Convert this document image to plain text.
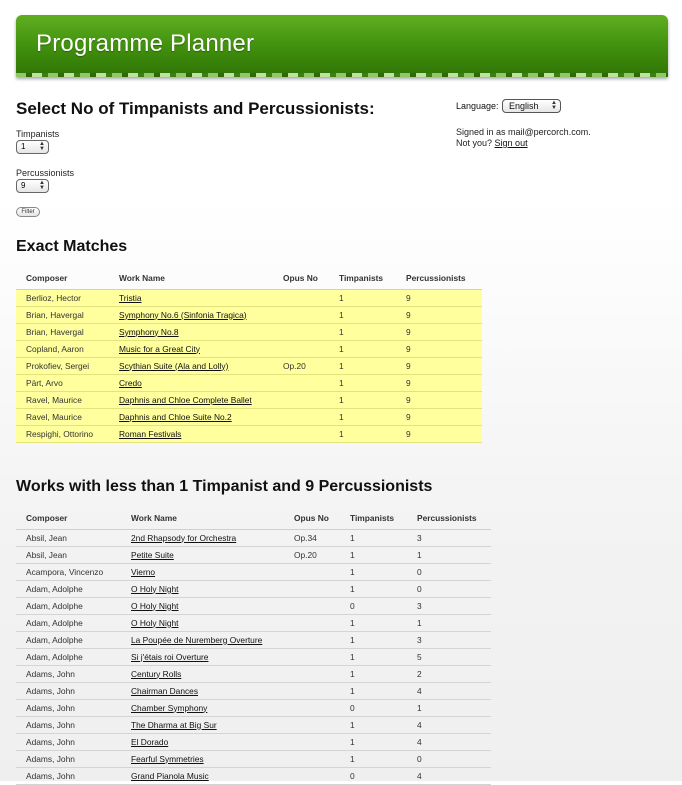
Programme Planner
Select No of Timpanists and Percussionists:
Timpanists
1 ▲
▼
Percussionists
9 ▲
▼
Filter
Language:	English ▲
▼
Signed in as mail@percorch.com.
Not you? Sign out
Exact Matches
Composer	Work Name	Opus No	Timpanists	Percussionists
Berlioz, Hector	Tristia		1	9
Brian, Havergal	Symphony No.6 (Sinfonia Tragica)		1	9
Brian, Havergal	Symphony No.8		1	9
Copland, Aaron	Music for a Great City		1	9
Prokofiev, Sergei	Scythian Suite (Ala and Lolly)	Op.20	1	9
Pärt, Arvo	Credo		1	9
Ravel, Maurice	Daphnis and Chloe Complete Ballet		1	9
Ravel, Maurice	Daphnis and Chloe Suite No.2		1	9
Respighi, Ottorino	Roman Festivals		1	9
Works with less than 1 Timpanist and 9 Percussionists
Composer	Work Name	Opus No	Timpanists	Percussionists
Absil, Jean	2nd Rhapsody for Orchestra	Op.34	1	3
Absil, Jean	Petite Suite	Op.20	1	1
Acampora, Vincenzo	Vierno		1	0
Adam, Adolphe	O Holy Night		1	0
Adam, Adolphe	O Holy Night		0	3
Adam, Adolphe	O Holy Night		1	1
Adam, Adolphe	La Poupée de Nuremberg Overture		1	3
Adam, Adolphe	Si j'étais roi Overture		1	5
Adams, John	Century Rolls		1	2
Adams, John	Chairman Dances		1	4
Adams, John	Chamber Symphony		0	1
Adams, John	The Dharma at Big Sur		1	4
Adams, John	El Dorado		1	4
Adams, John	Fearful Symmetries		1	0
Adams, John	Grand Pianola Music		0	4
